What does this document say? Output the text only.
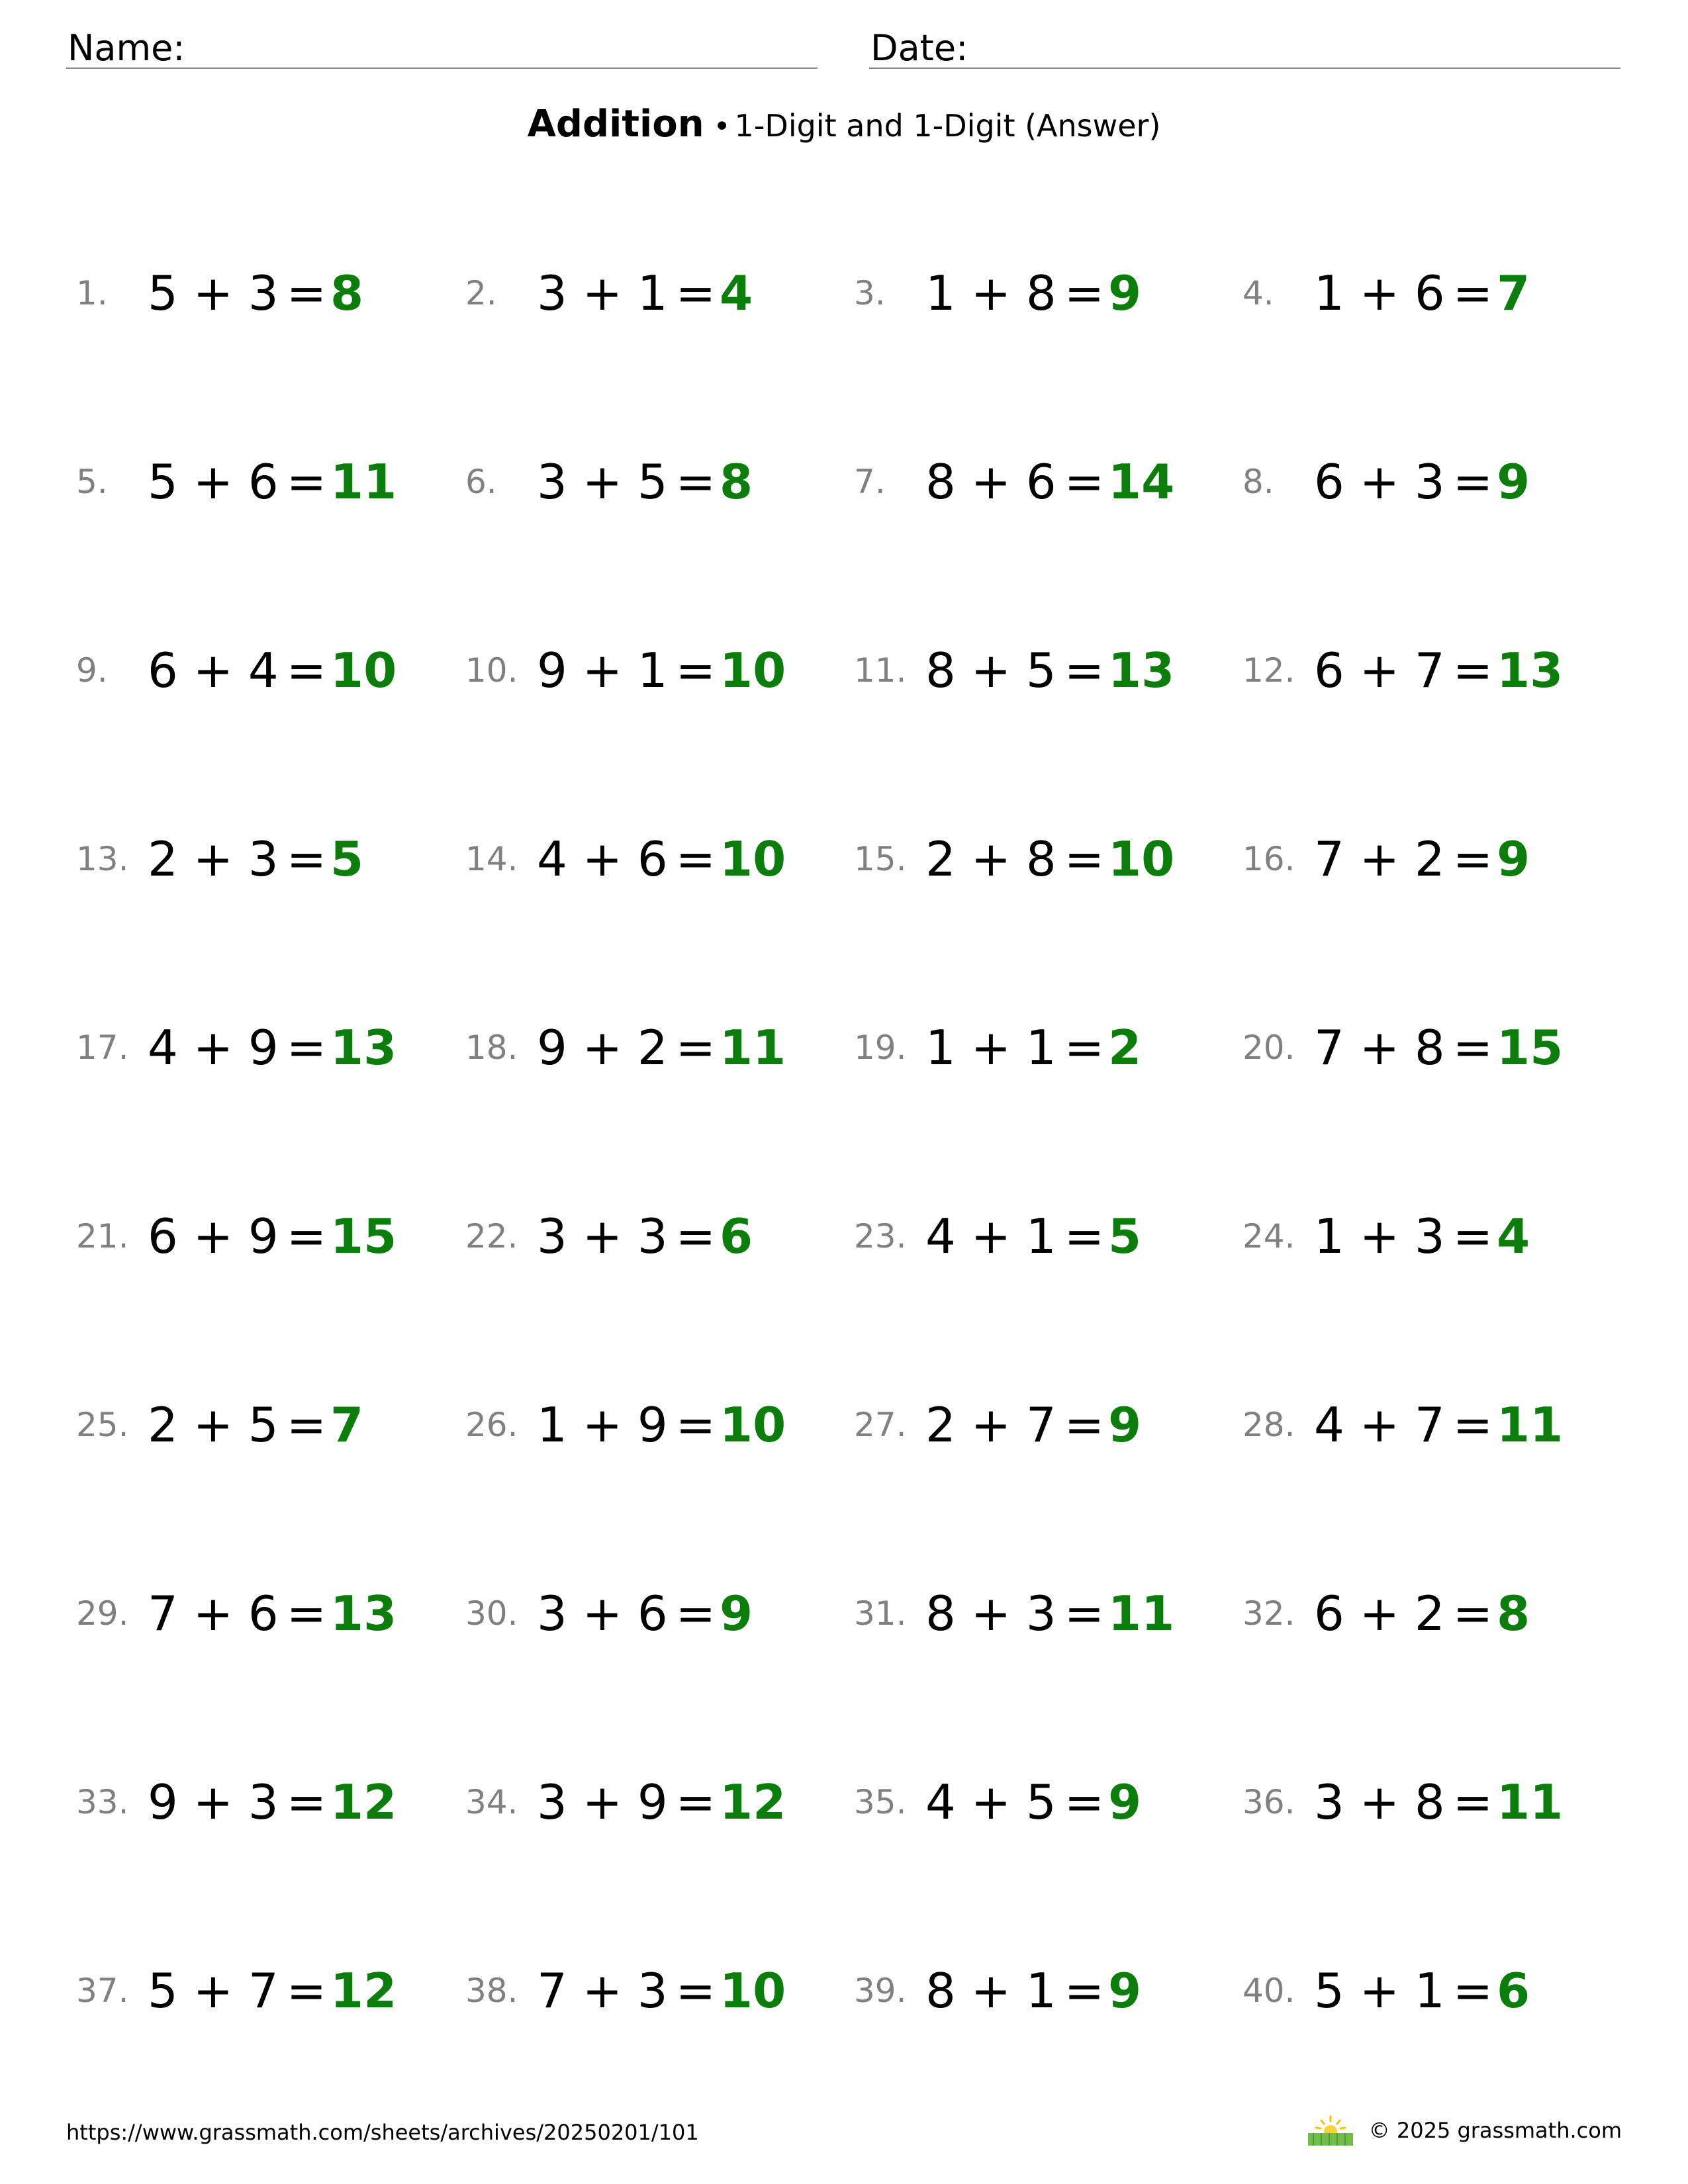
Name:	Date:
Addition • 1-Digit and 1-Digit (Answer)
1. 5 + 3 = 8	2. 3 + 1 = 4	3. 1 + 8 = 9	4. 1 + 6 = 7
5. 5 + 6 = 11 6. 3 + 5 = 8	7. 8 + 6 = 14 8. 6 + 3 = 9
9. 6 + 4 = 10 10. 9 + 1 = 10 11. 8 + 5 = 13 12. 6 + 7 = 13
13. 2 + 3 = 5	14. 4 + 6 = 10 15. 2 + 8 = 10 16. 7 + 2 = 9
17. 4 + 9 = 13 18. 9 + 2 = 11 19. 1 + 1 = 2	20. 7 + 8 = 15
21. 6 + 9 = 15 22. 3 + 3 = 6	23. 4 + 1 = 5	24. 1 + 3 = 4
25. 2 + 5 = 7	26. 1 + 9 = 10 27. 2 + 7 = 9	28. 4 + 7 = 11
29. 7 + 6 = 13 30. 3 + 6 = 9	31. 8 + 3 = 11 32. 6 + 2 = 8
33. 9 + 3 = 12 34. 3 + 9 = 12 35. 4 + 5 = 9	36. 3 + 8 = 11
37. 5 + 7 = 12 38. 7 + 3 = 10 39. 8 + 1 = 9	40. 5 + 1 = 6
https://www.grassmath.com/sheets/archives/20250201/101	© 2025 grassmath.com
